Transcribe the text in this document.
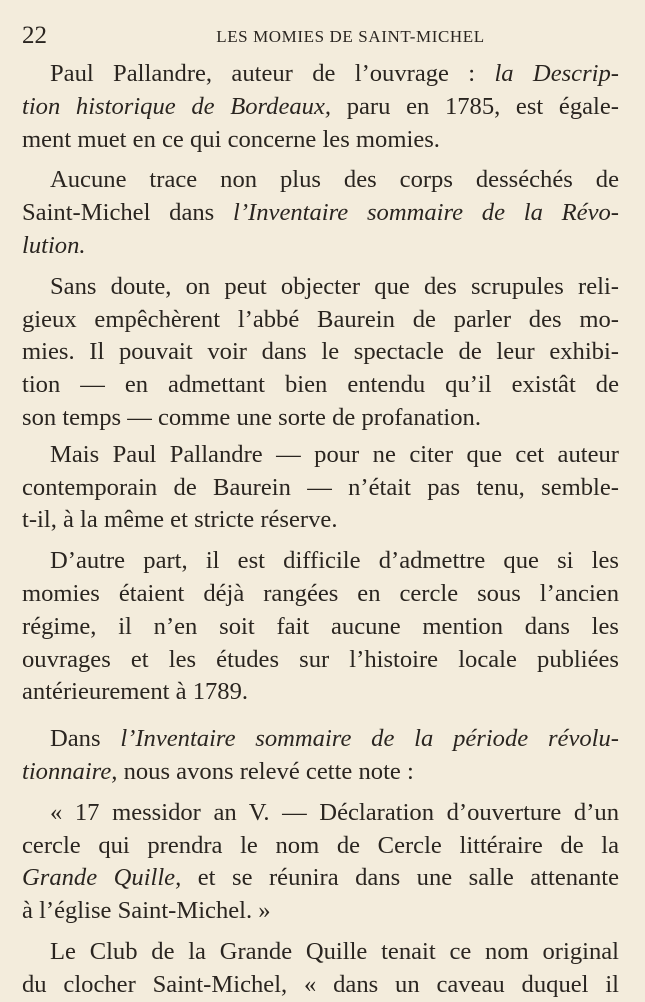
22	LES MOMIES DE SAINT-MICHEL
Paul Pallandre, auteur de l’ouvrage : la Descrip-
tion historique de Bordeaux, paru en 1785, est égale-
ment muet en ce qui concerne les momies.
Aucune trace non plus des corps desséchés de
Saint-Michel dans l’Inventaire sommaire de la Révo-
lution.
Sans doute, on peut objecter que des scrupules reli-
gieux empêchèrent l’abbé Baurein de parler des mo-
mies. Il pouvait voir dans le spectacle de leur exhibi-
tion — en admettant bien entendu qu’il existât de
son temps — comme une sorte de profanation.
Mais Paul Pallandre — pour ne citer que cet auteur
contemporain de Baurein — n’était pas tenu, semble-
t-il, à la même et stricte réserve.
D’autre part, il est difficile d’admettre que si les
momies étaient déjà rangées en cercle sous l’ancien
régime, il n’en soit fait aucune mention dans les
ouvrages et les études sur l’histoire locale publiées
antérieurement à 1789.
Dans l’Inventaire sommaire de la période révolu-
tionnaire, nous avons relevé cette note :
« 17 messidor an V. — Déclaration d’ouverture d’un
cercle qui prendra le nom de Cercle littéraire de la
Grande Quille, et se réunira dans une salle attenante
à l’église Saint-Michel. »
Le Club de la Grande Quille tenait ce nom original
du clocher Saint-Michel, « dans un caveau duquel il
